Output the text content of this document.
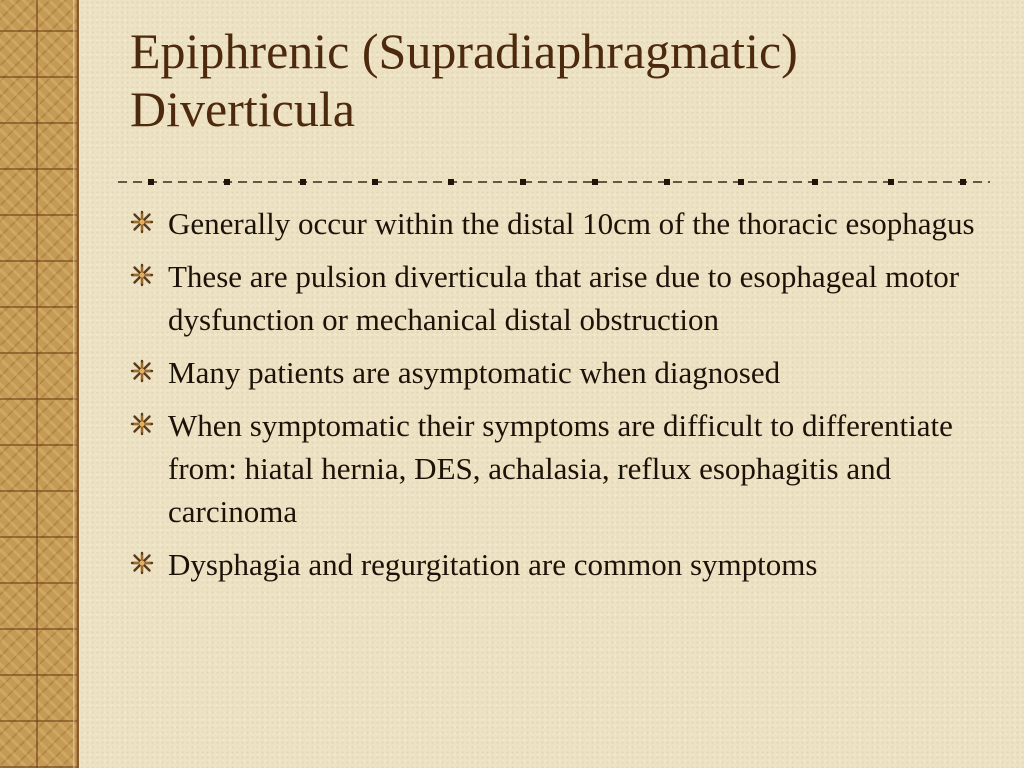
Epiphrenic (Supradiaphragmatic)
Diverticula
Generally occur within the distal 10cm of the thoracic esophagus
These are pulsion diverticula that arise due to esophageal motor dysfunction or mechanical distal obstruction
Many patients are asymptomatic when diagnosed
When symptomatic their symptoms are difficult to differentiate from: hiatal hernia, DES, achalasia, reflux esophagitis and carcinoma
Dysphagia and regurgitation are common symptoms
